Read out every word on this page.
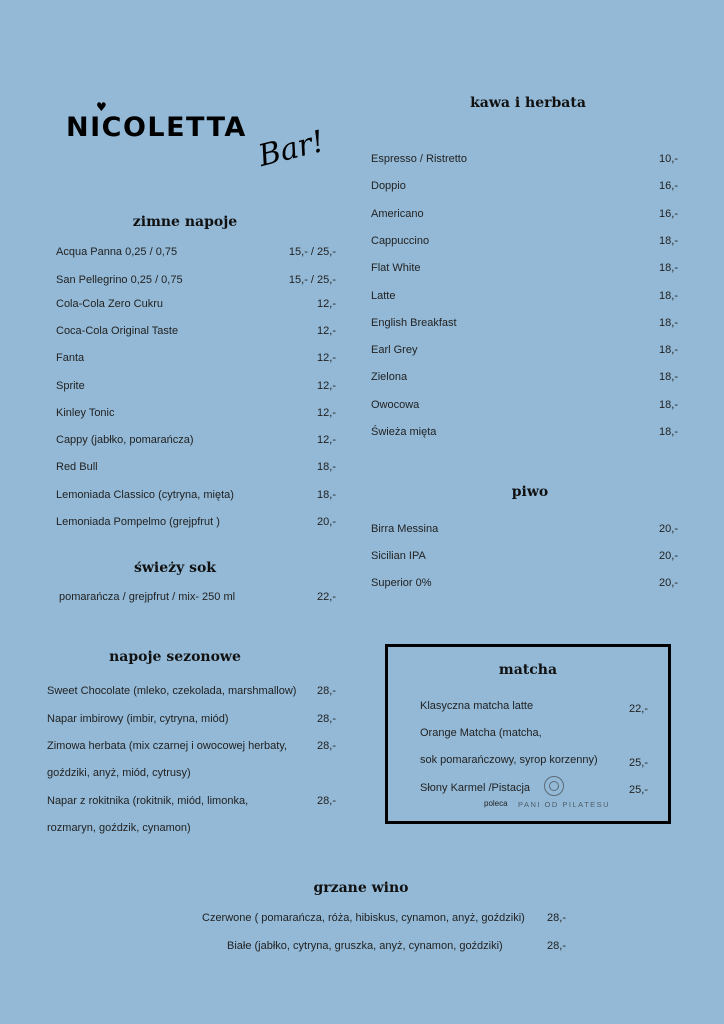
♥
NICOLETTA Bar!
zimne napoje
Acqua Panna 0,25 / 0,75	15,- / 25,-
San Pellegrino 0,25 / 0,75	15,- / 25,-
Cola-Cola Zero Cukru	12,-
Coca-Cola Original Taste	12,-
Fanta	12,-
Sprite	12,-
Kinley Tonic	12,-
Cappy (jabłko, pomarańcza)	12,-
Red Bull	18,-
Lemoniada Classico (cytryna, mięta)	18,-
Lemoniada Pompelmo (grejpfrut )	20,-
świeży sok
pomarańcza / grejpfrut / mix- 250 ml	22,-
napoje sezonowe
Sweet Chocolate (mleko, czekolada, marshmallow)	28,-
Napar imbirowy (imbir, cytryna, miód)	28,-
Zimowa herbata (mix czarnej i owocowej herbaty,	28,-
goździki, anyż, miód, cytrusy)
Napar z rokitnika (rokitnik, miód, limonka,	28,-
rozmaryn, goździk, cynamon)
kawa i herbata
Espresso / Ristretto	10,-
Doppio	16,-
Americano	16,-
Cappuccino	18,-
Flat White	18,-
Latte	18,-
English Breakfast	18,-
Earl Grey	18,-
Zielona	18,-
Owocowa	18,-
Świeża mięta	18,-
piwo
Birra Messina	20,-
Sicilian IPA	20,-
Superior 0%	20,-
matcha
Klasyczna matcha latte	22,-
Orange Matcha (matcha,
sok pomarańczowy, syrop korzenny)	25,-
Słony Karmel /Pistacja	25,-
poleca PANI OD PILATESU
grzane wino
Czerwone ( pomarańcza, róża, hibiskus, cynamon, anyż, goździki)	28,-
Białe (jabłko, cytryna, gruszka, anyż, cynamon, goździki)	28,-
